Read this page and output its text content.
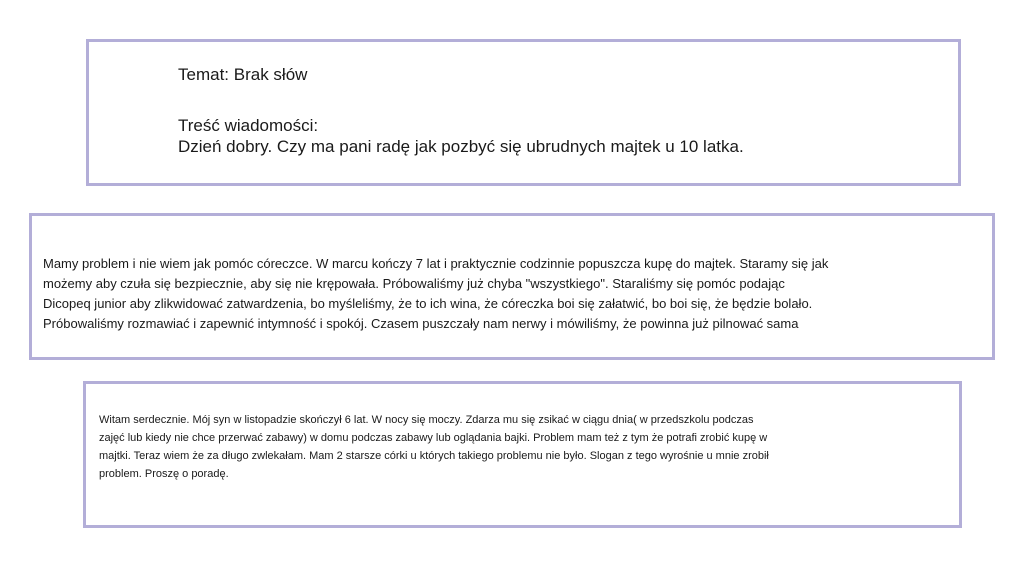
Temat: Brak słów
Treść wiadomości:
Dzień dobry. Czy ma pani radę jak pozbyć się ubrudnych majtek u 10 latka.
Mamy problem i nie wiem jak pomóc córeczce. W marcu kończy 7 lat i praktycznie codzinnie popuszcza kupę do majtek. Staramy się jak
możemy aby czuła się bezpiecznie, aby się nie krępowała. Próbowaliśmy już chyba "wszystkiego". Staraliśmy się pomóc podając
Dicopeq junior aby zlikwidować zatwardzenia, bo myśleliśmy, że to ich wina, że córeczka boi się załatwić, bo boi się, że będzie bolało.
Próbowaliśmy rozmawiać i zapewnić intymność i spokój. Czasem puszczały nam nerwy i mówiliśmy, że powinna już pilnować sama
Witam serdecznie. Mój syn w listopadzie skończył 6 lat. W nocy się moczy. Zdarza mu się zsikać w ciągu dnia( w przedszkolu podczas
zajęć lub kiedy nie chce przerwać zabawy) w domu podczas zabawy lub oglądania bajki. Problem mam też z tym że potrafi zrobić kupę w
majtki. Teraz wiem że za długo zwlekałam. Mam 2 starsze córki u których takiego problemu nie było. Slogan z tego wyrośnie u mnie zrobił
problem. Proszę o poradę.
